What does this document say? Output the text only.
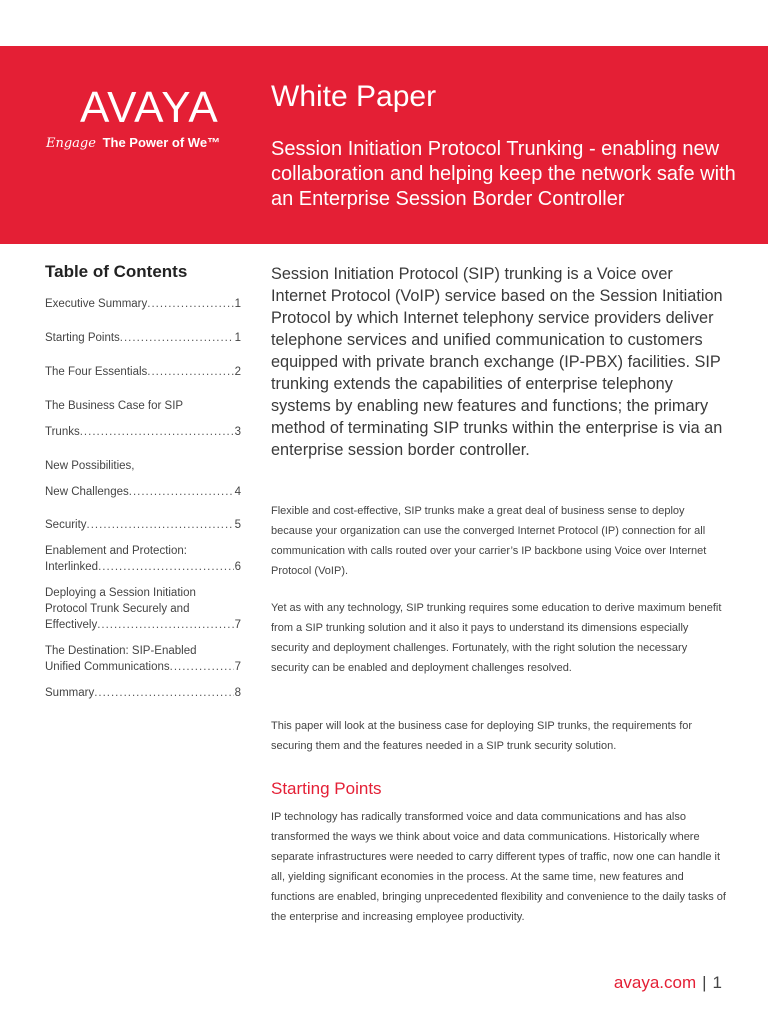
AVAYA
Engage The Power of We™
White Paper
Session Initiation Protocol Trunking - enabling new collaboration and helping keep the network safe with an Enterprise Session Border Controller
Table of Contents
Executive Summary .....	1
Starting Points .....	1
The Four Essentials .....	2
The Business Case for SIP
Trunks .....	3
New Possibilities,
New Challenges .....	4
Security .....	5
Enablement and Protection:
Interlinked .....	6
Deploying a Session Initiation Protocol Trunk Securely and
Effectively .....	7
The Destination: SIP-Enabled
Unified Communications .....	7
Summary .....	8
Session Initiation Protocol (SIP) trunking is a Voice over Internet Protocol (VoIP) service based on the Session Initiation Protocol by which Internet telephony service providers deliver telephone services and unified communication to customers equipped with private branch exchange (IP-PBX) facilities. SIP trunking extends the capabilities of enterprise telephony systems by enabling new features and functions; the primary method of terminating SIP trunks within the enterprise is via an enterprise session border controller.
Flexible and cost-effective, SIP trunks make a great deal of business sense to deploy because your organization can use the converged Internet Protocol (IP) connection for all communication with calls routed over your carrier’s IP backbone using Voice over Internet Protocol (VoIP).
Yet as with any technology, SIP trunking requires some education to derive maximum benefit from a SIP trunking solution and it also it pays to understand its dimensions especially security and deployment challenges. Fortunately, with the right solution the necessary security can be enabled and deployment challenges resolved.
This paper will look at the business case for deploying SIP trunks, the requirements for securing them and the features needed in a SIP trunk security solution.
Starting Points
IP technology has radically transformed voice and data communications and has also transformed the ways we think about voice and data communications. Historically where separate infrastructures were needed to carry different types of traffic, now one can handle it all, yielding significant economies in the process. At the same time, new features and functions are enabled, bringing unprecedented flexibility and convenience to the daily tasks of the enterprise and increasing employee productivity.
avaya.com | 1
